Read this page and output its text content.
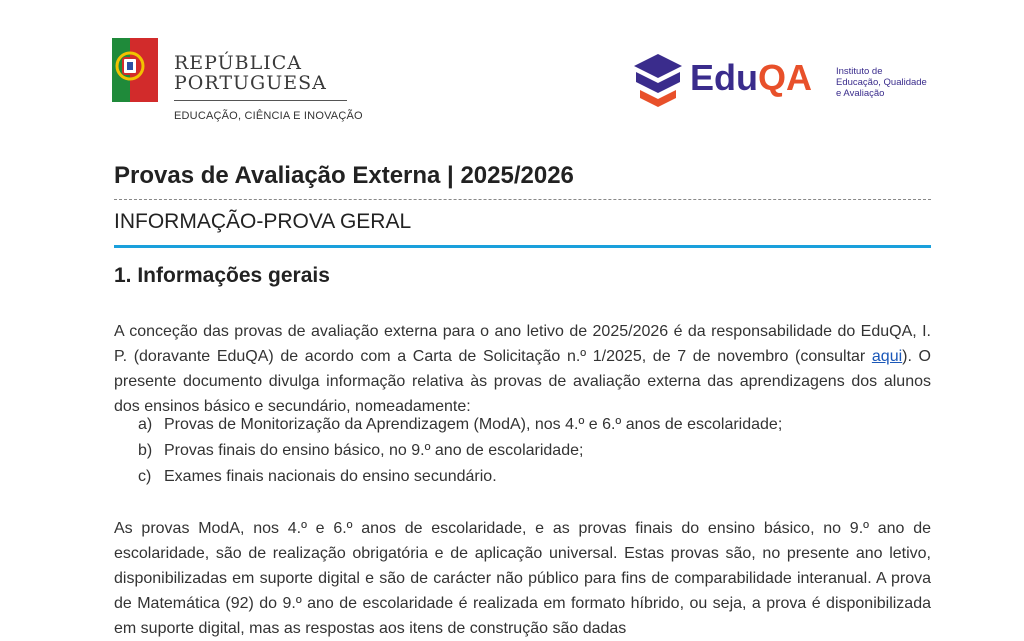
REPÚBLICA
PORTUGUESA
EDUCAÇÃO, CIÊNCIA E INOVAÇÃO
EduQA	Instituto de
Educação, Qualidade
e Avaliação
Provas de Avaliação Externa | 2025/2026
INFORMAÇÃO-PROVA GERAL
1. Informações gerais

A conceção das provas de avaliação externa para o ano letivo de 2025/2026 é da responsabilidade do EduQA, I. P. (doravante EduQA) de acordo com a Carta de Solicitação n.º 1/2025, de 7 de novembro (consultar aqui). O presente documento divulga informação relativa às provas de avaliação externa das aprendizagens dos alunos dos ensinos básico e secundário, nomeadamente:

a) Provas de Monitorização da Aprendizagem (ModA), nos 4.º e 6.º anos de escolaridade;
b) Provas finais do ensino básico, no 9.º ano de escolaridade;
c) Exames finais nacionais do ensino secundário.

As provas ModA, nos 4.º e 6.º anos de escolaridade, e as provas finais do ensino básico, no 9.º ano de escolaridade, são de realização obrigatória e de aplicação universal. Estas provas são, no presente ano letivo, disponibilizadas em suporte digital e são de carácter não público para fins de comparabilidade interanual. A prova de Matemática (92) do 9.º ano de escolaridade é realizada em formato híbrido, ou seja, a prova é disponibilizada em suporte digital, mas as respostas aos itens de construção são dadas
